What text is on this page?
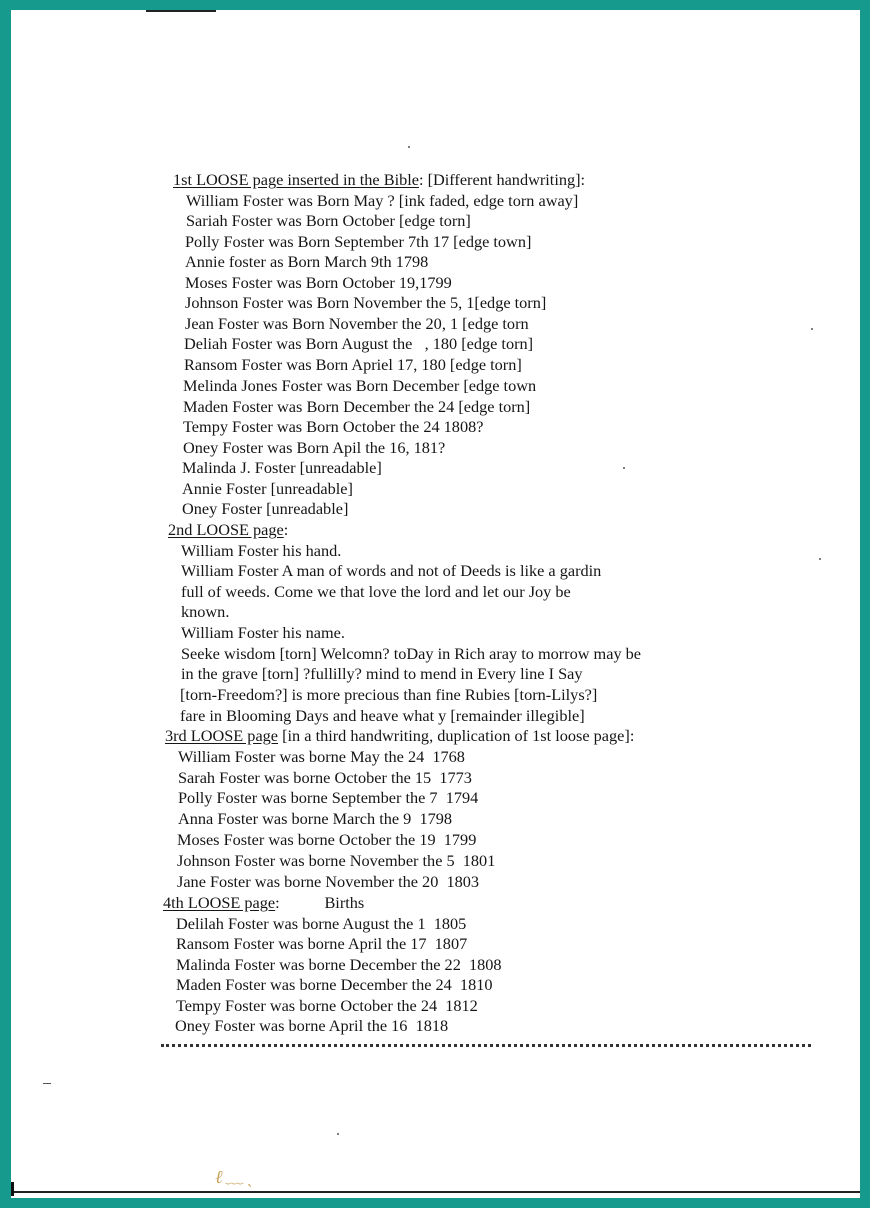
1st LOOSE page inserted in the Bible: [Different handwriting]:
William Foster was Born May ? [ink faded, edge torn away]
Sariah Foster was Born October [edge torn]
Polly Foster was Born September 7th 17 [edge town]
Annie foster as Born March 9th 1798
Moses Foster was Born October 19,1799
Johnson Foster was Born November the 5, 1[edge torn]
Jean Foster was Born November the 20, 1 [edge torn
Deliah Foster was Born August the   , 180 [edge torn]
Ransom Foster was Born Apriel 17, 180 [edge torn]
Melinda Jones Foster was Born December [edge town
Maden Foster was Born December the 24 [edge torn]
Tempy Foster was Born October the 24 1808?
Oney Foster was Born Apil the 16, 181?
Malinda J. Foster [unreadable]
Annie Foster [unreadable]
Oney Foster [unreadable]
2nd LOOSE page:
William Foster his hand.
William Foster A man of words and not of Deeds is like a gardin
full of weeds. Come we that love the lord and let our Joy be
known.
William Foster his name.
Seeke wisdom [torn] Welcomn? toDay in Rich aray to morrow may be
in the grave [torn] ?fullilly? mind to mend in Every line I Say
[torn-Freedom?] is more precious than fine Rubies [torn-Lilys?]
fare in Blooming Days and heave what y [remainder illegible]
3rd LOOSE page [in a third handwriting, duplication of 1st loose page]:
William Foster was borne May the 24  1768
Sarah Foster was borne October the 15  1773
Polly Foster was borne September the 7  1794
Anna Foster was borne March the 9  1798
Moses Foster was borne October the 19  1799
Johnson Foster was borne November the 5  1801
Jane Foster was borne November the 20  1803
4th LOOSE page:           Births
Delilah Foster was borne August the 1  1805
Ransom Foster was borne April the 17  1807
Malinda Foster was borne December the 22  1808
Maden Foster was borne December the 24  1810
Tempy Foster was borne October the 24  1812
Oney Foster was borne April the 16  1818
ℓ﹏ˎ
